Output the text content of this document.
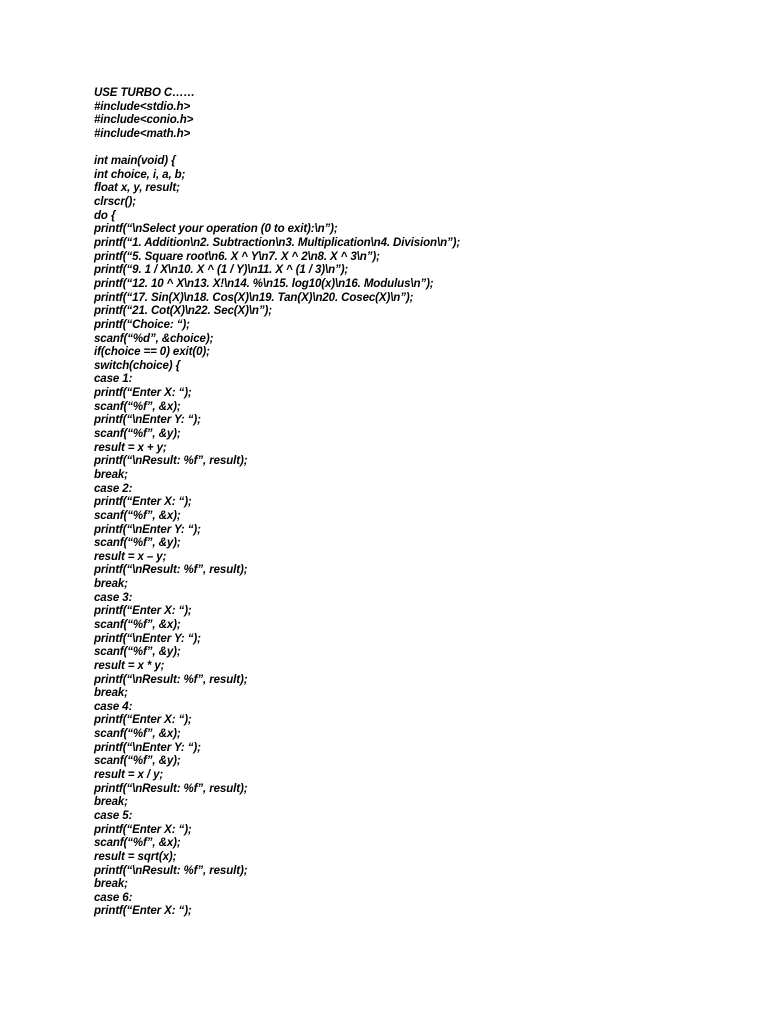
USE TURBO C……
#include<stdio.h>
#include<conio.h>
#include<math.h>
int main(void) {
int choice, i, a, b;
float x, y, result;
clrscr();
do {
printf(“\nSelect your operation (0 to exit):\n”);
printf(“1. Addition\n2. Subtraction\n3. Multiplication\n4. Division\n”);
printf(“5. Square root\n6. X ^ Y\n7. X ^ 2\n8. X ^ 3\n”);
printf(“9. 1 / X\n10. X ^ (1 / Y)\n11. X ^ (1 / 3)\n”);
printf(“12. 10 ^ X\n13. X!\n14. %\n15. log10(x)\n16. Modulus\n”);
printf(“17. Sin(X)\n18. Cos(X)\n19. Tan(X)\n20. Cosec(X)\n”);
printf(“21. Cot(X)\n22. Sec(X)\n”);
printf(“Choice: “);
scanf(“%d”, &choice);
if(choice == 0) exit(0);
switch(choice) {
case 1:
printf(“Enter X: “);
scanf(“%f”, &x);
printf(“\nEnter Y: “);
scanf(“%f”, &y);
result = x + y;
printf(“\nResult: %f”, result);
break;
case 2:
printf(“Enter X: “);
scanf(“%f”, &x);
printf(“\nEnter Y: “);
scanf(“%f”, &y);
result = x – y;
printf(“\nResult: %f”, result);
break;
case 3:
printf(“Enter X: “);
scanf(“%f”, &x);
printf(“\nEnter Y: “);
scanf(“%f”, &y);
result = x * y;
printf(“\nResult: %f”, result);
break;
case 4:
printf(“Enter X: “);
scanf(“%f”, &x);
printf(“\nEnter Y: “);
scanf(“%f”, &y);
result = x / y;
printf(“\nResult: %f”, result);
break;
case 5:
printf(“Enter X: “);
scanf(“%f”, &x);
result = sqrt(x);
printf(“\nResult: %f”, result);
break;
case 6:
printf(“Enter X: “);
